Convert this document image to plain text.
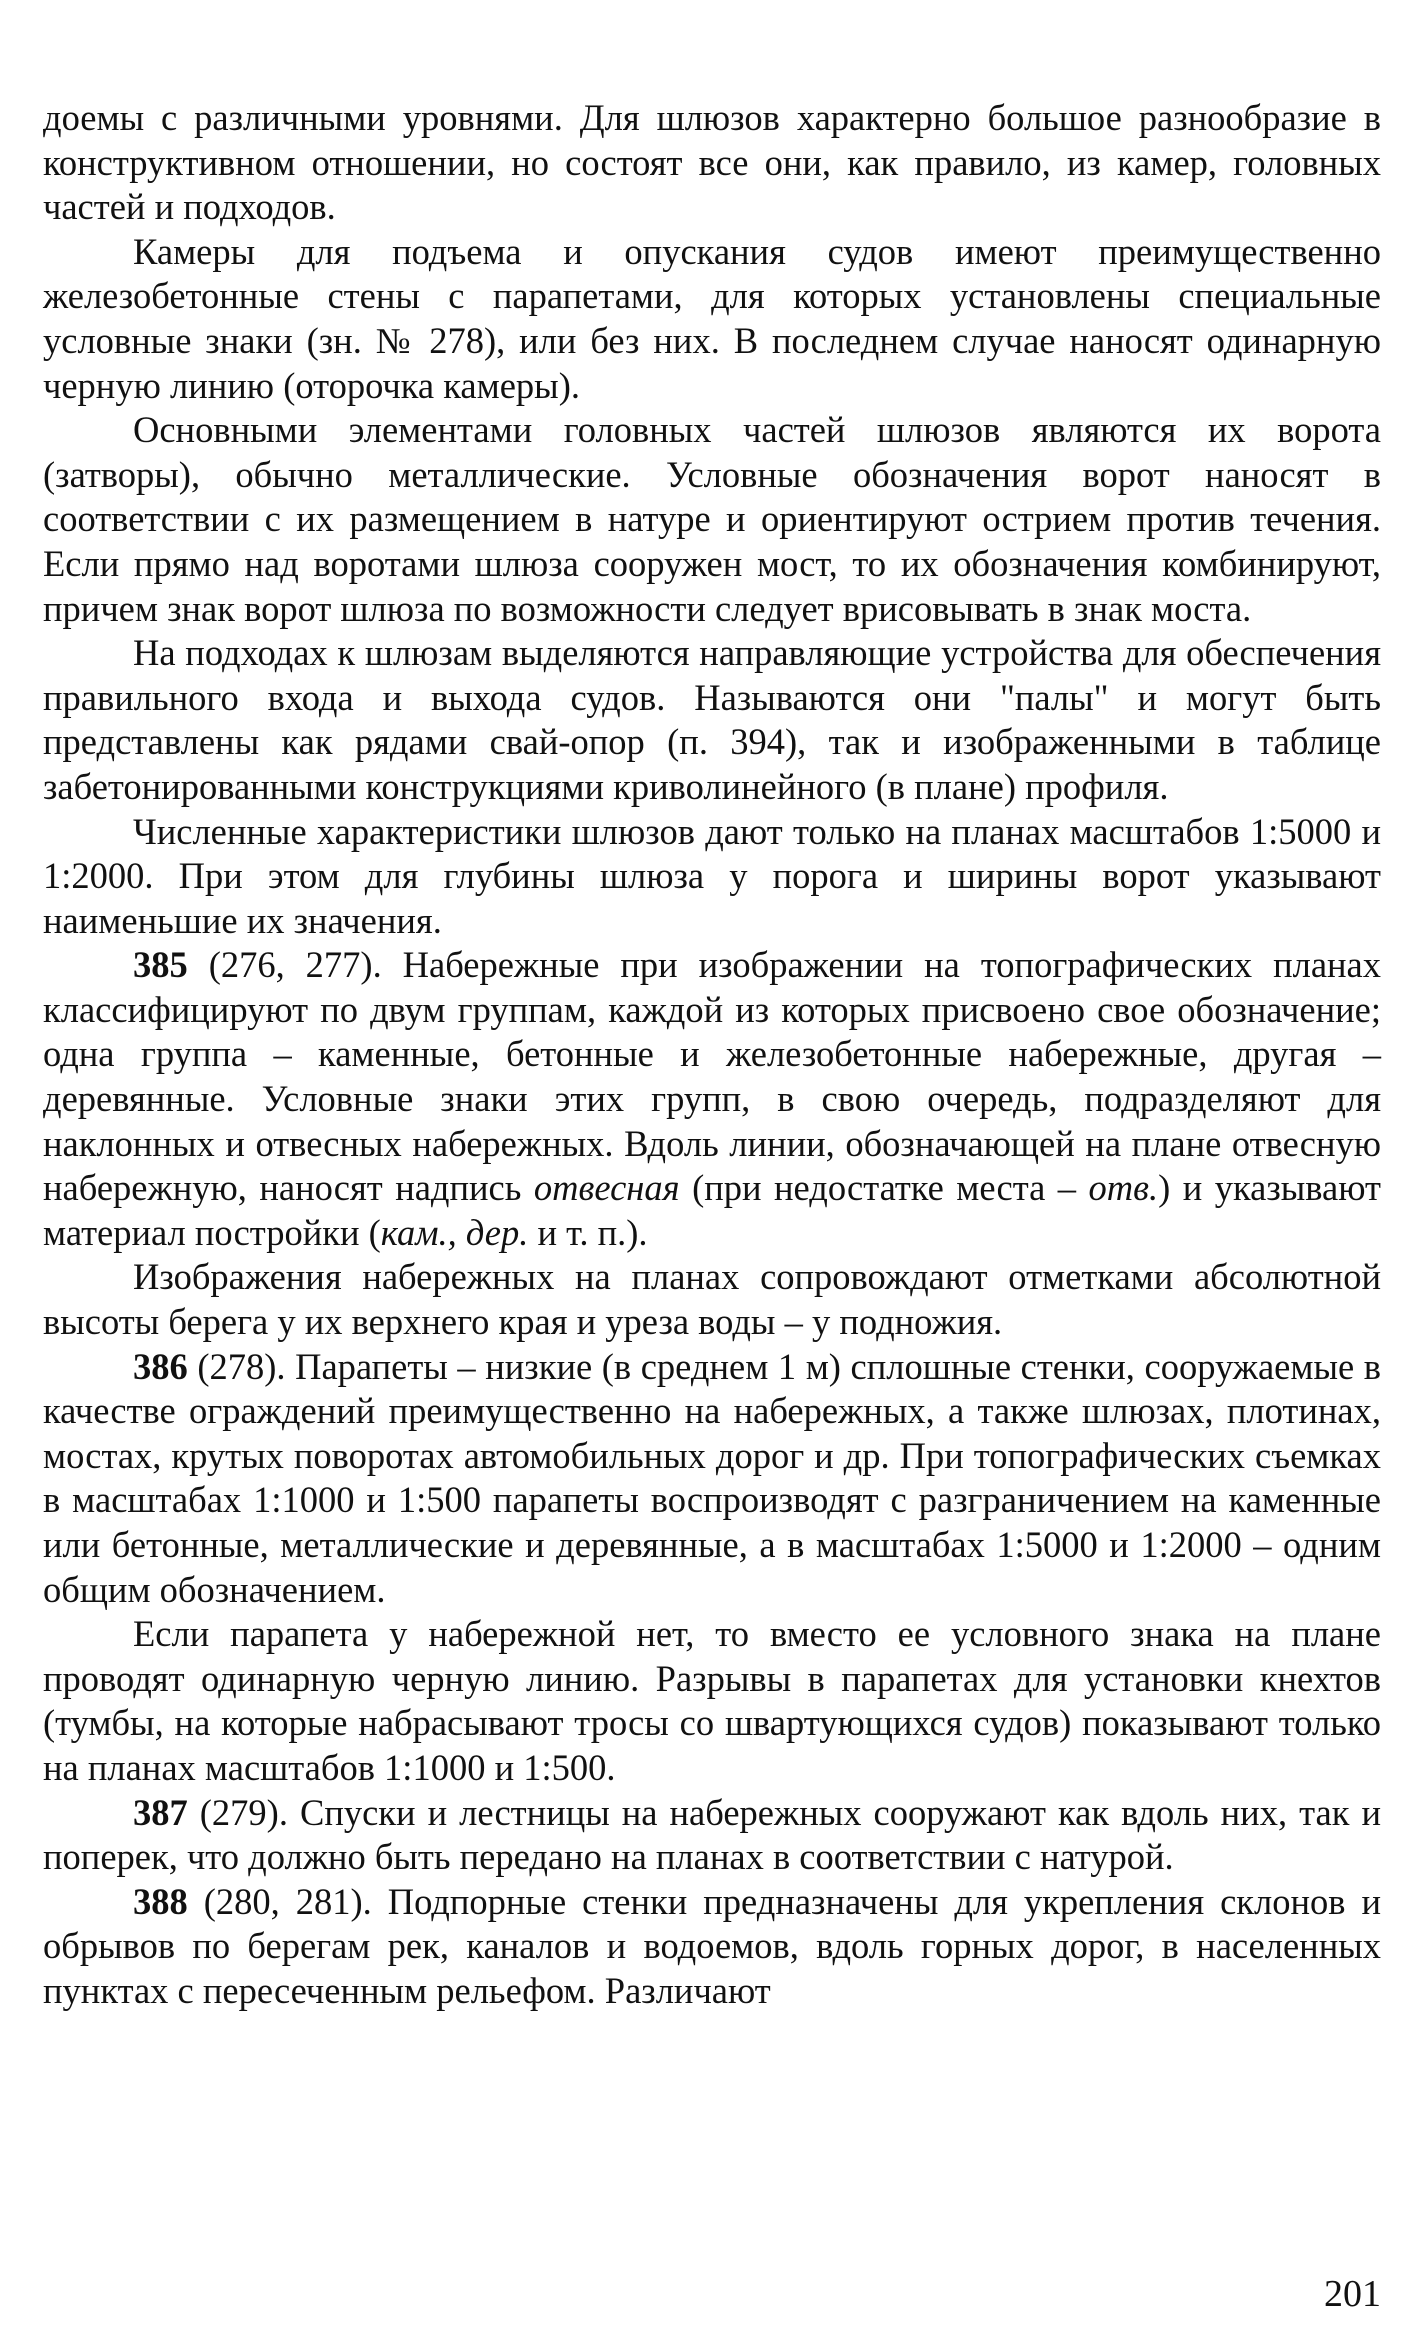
доемы с различными уровнями. Для шлюзов характерно большое разнообразие в конструктивном отношении, но состоят все они, как правило, из камер, головных частей и подходов.

Камеры для подъема и опускания судов имеют преимущественно железобетонные стены с парапетами, для которых установлены специальные условные знаки (зн. № 278), или без них. В последнем случае наносят одинарную черную линию (оторочка камеры).

Основными элементами головных частей шлюзов являются их ворота (затворы), обычно металлические. Условные обозначения ворот наносят в соответствии с их размещением в натуре и ориентируют острием против течения. Если прямо над воротами шлюза сооружен мост, то их обозначения комбинируют, причем знак ворот шлюза по возможности следует врисовывать в знак моста.

На подходах к шлюзам выделяются направляющие устройства для обеспечения правильного входа и выхода судов. Называются они "палы" и могут быть представлены как рядами свай-опор (п. 394), так и изображенными в таблице забетонированными конструкциями криволинейного (в плане) профиля.

Численные характеристики шлюзов дают только на планах масштабов 1:5000 и 1:2000. При этом для глубины шлюза у порога и ширины ворот указывают наименьшие их значения.

385 (276, 277). Набережные при изображении на топографических планах классифицируют по двум группам, каждой из которых присвоено свое обозначение; одна группа – каменные, бетонные и железобетонные набережные, другая – деревянные. Условные знаки этих групп, в свою очередь, подразделяют для наклонных и отвесных набережных. Вдоль линии, обозначающей на плане отвесную набережную, наносят надпись отвесная (при недостатке места – отв.) и указывают материал постройки (кам., дер. и т. п.).

Изображения набережных на планах сопровождают отметками абсолютной высоты берега у их верхнего края и уреза воды – у подножия.

386 (278). Парапеты – низкие (в среднем 1 м) сплошные стенки, сооружаемые в качестве ограждений преимущественно на набережных, а также шлюзах, плотинах, мостах, крутых поворотах автомобильных дорог и др. При топографических съемках в масштабах 1:1000 и 1:500 парапеты воспроизводят с разграничением на каменные или бетонные, металлические и деревянные, а в масштабах 1:5000 и 1:2000 – одним общим обозначением.

Если парапета у набережной нет, то вместо ее условного знака на плане проводят одинарную черную линию. Разрывы в парапетах для установки кнехтов (тумбы, на которые набрасывают тросы со швартующихся судов) показывают только на планах масштабов 1:1000 и 1:500.

387 (279). Спуски и лестницы на набережных сооружают как вдоль них, так и поперек, что должно быть передано на планах в соответствии с натурой.

388 (280, 281). Подпорные стенки предназначены для укрепления склонов и обрывов по берегам рек, каналов и водоемов, вдоль горных дорог, в населенных пунктах с пересеченным рельефом. Различают

201
